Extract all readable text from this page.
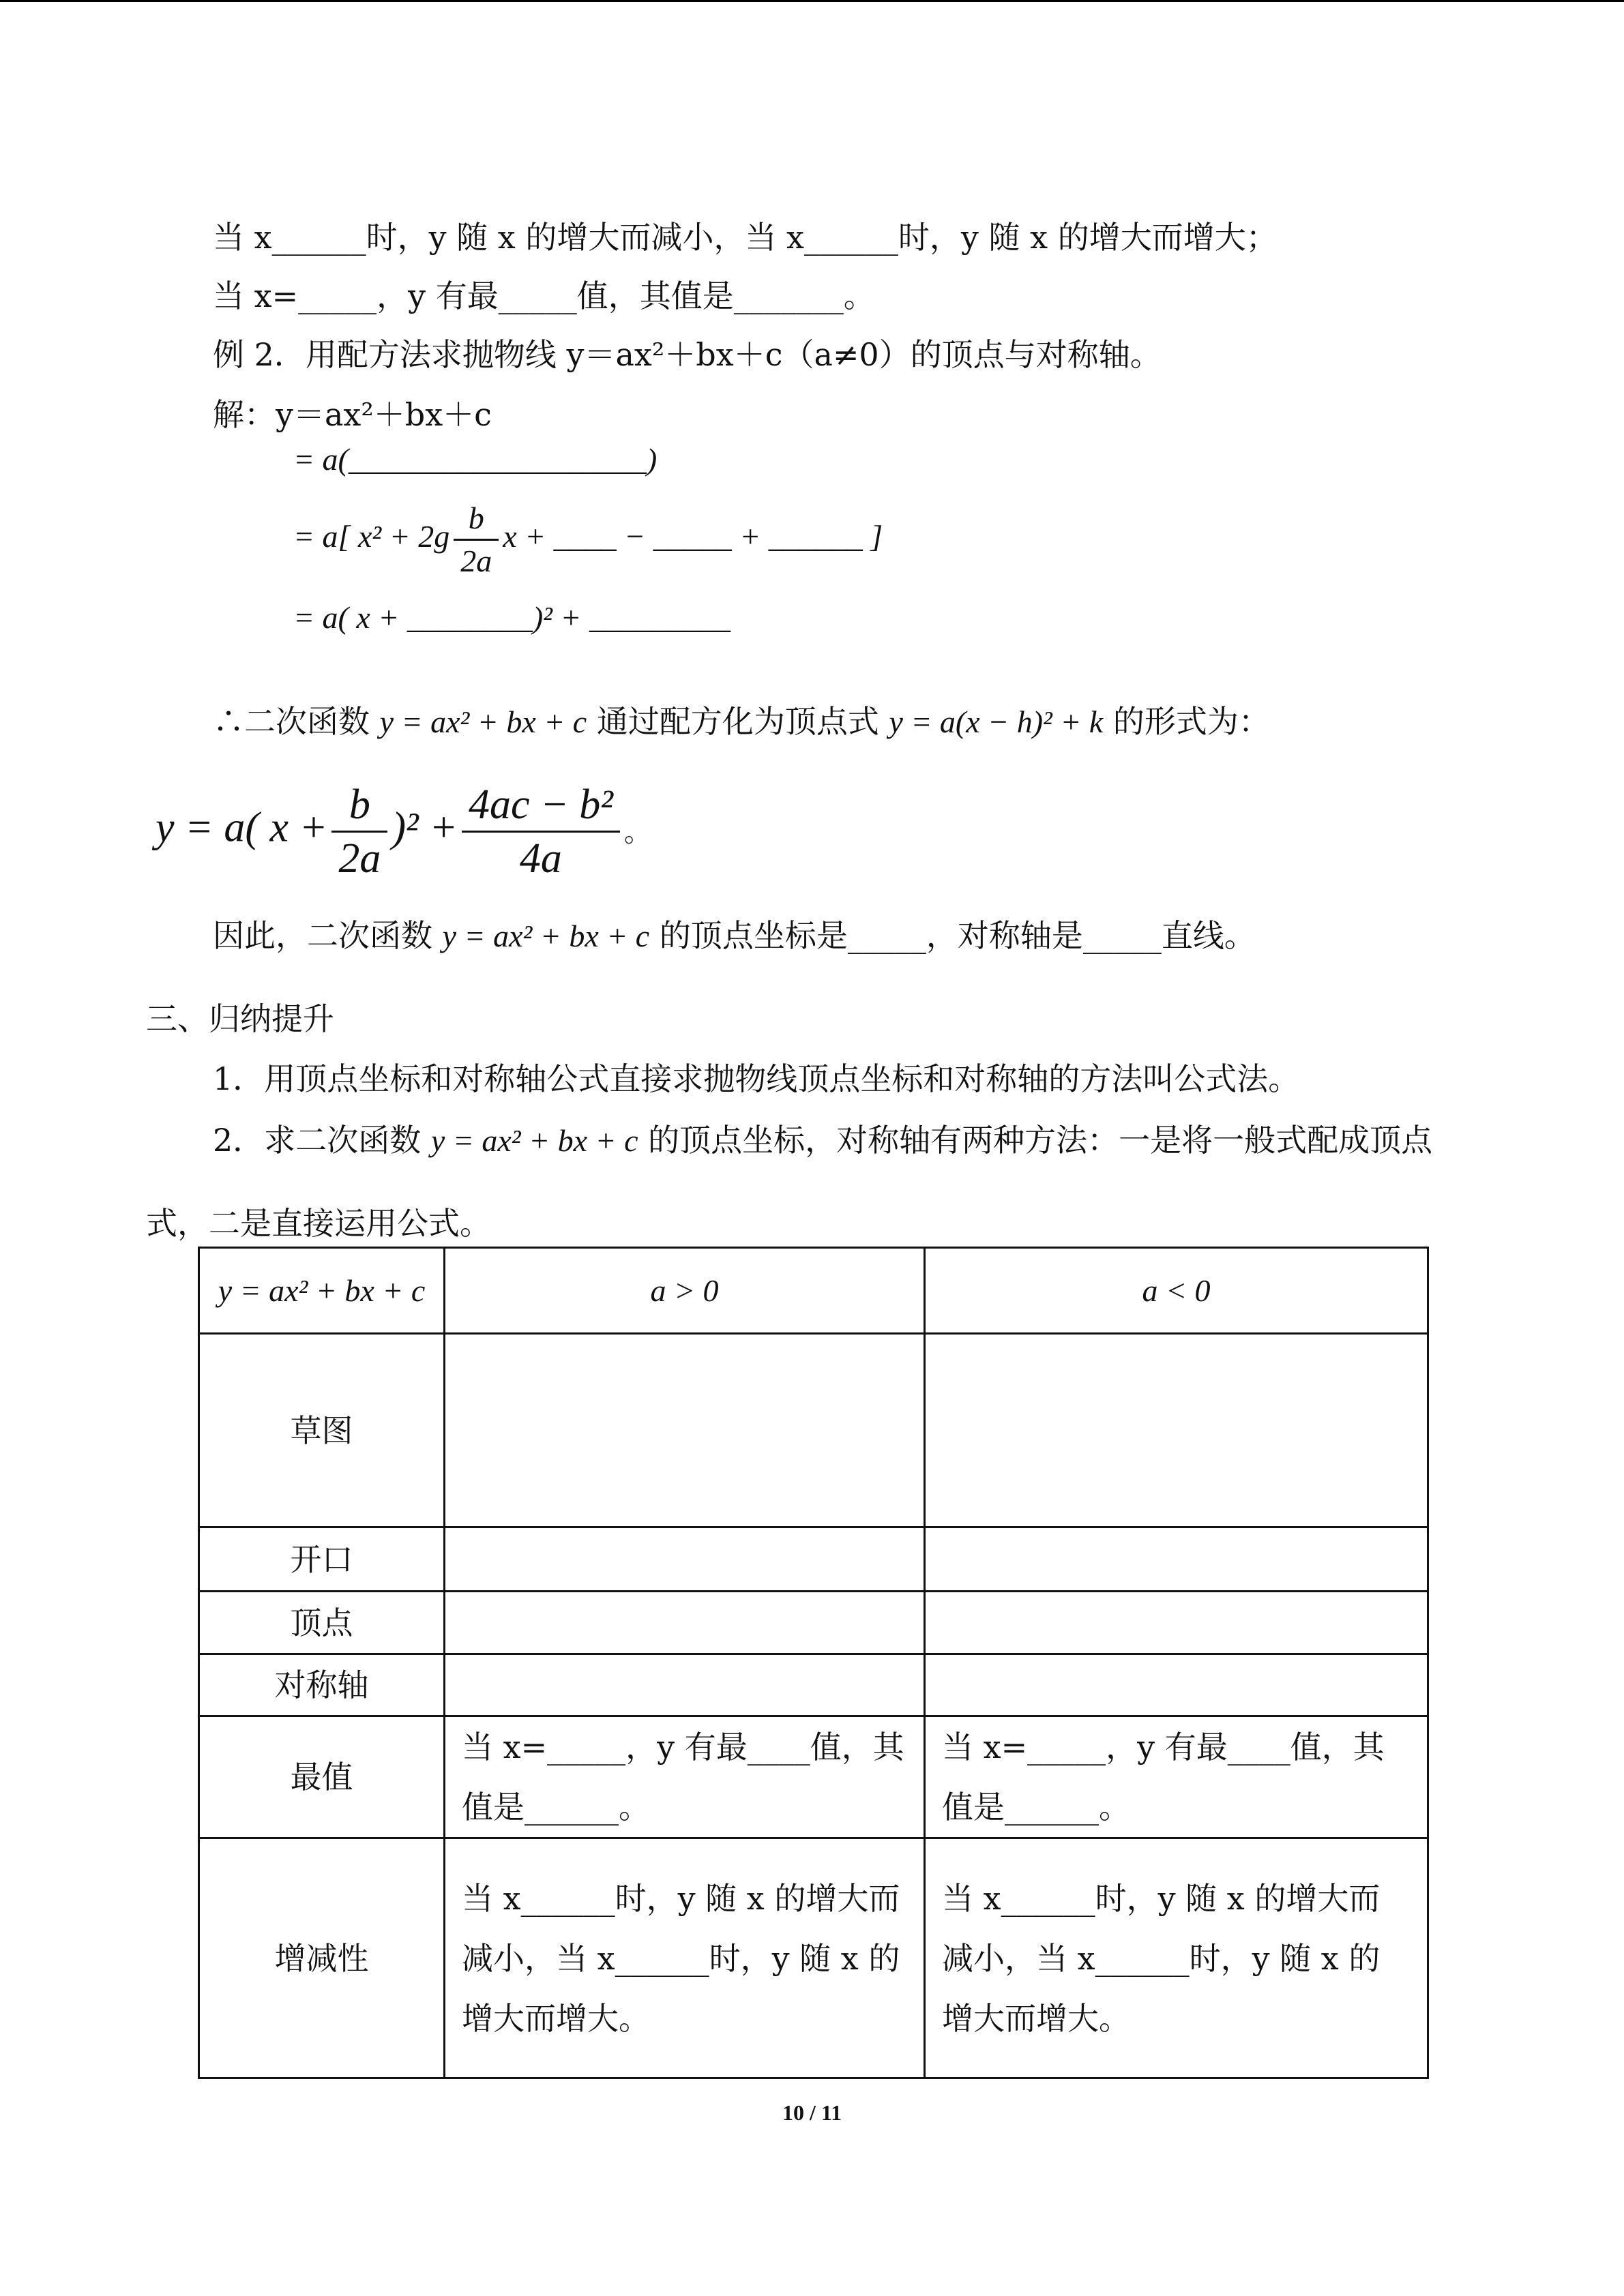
当 x______时，y 随 x 的增大而减小，当 x______时，y 随 x 的增大而增大；
当 x=_____，y 有最_____值，其值是_______。
例 2．用配方法求抛物线 y＝ax²＋bx＋c（a≠0）的顶点与对称轴。
解：y＝ax²＋bx＋c
= a(___________________)
= a[ $x^2 + 2g \frac{b}{2a}$ x + ____ − _____ + ______ ]
= a( x + ________)² + _________
∴二次函数 y = ax² + bx + c 通过配方化为顶点式 y = a(x − h)² + k 的形式为：
y = a( $x + \frac{b}{2a} )^2 + \frac{\text{4ac − b²}}{4a}$ 。
因此，二次函数 y = ax² + bx + c 的顶点坐标是_____，对称轴是_____直线。
三、归纳提升
1．用顶点坐标和对称轴公式直接求抛物线顶点坐标和对称轴的方法叫公式法。
2．求二次函数 y = ax² + bx + c 的顶点坐标，对称轴有两种方法：一是将一般式配成顶点
式，二是直接运用公式。
y = ax² + bx + c	a > 0	a < 0
草图		
开口		
顶点		
对称轴		
最值	当 x=_____，y 有最____值，其值是______。	当 x=_____，y 有最____值，其值是______。
增减性	当 x______时，y 随 x 的增大而减小，当 x______时，y 随 x 的增大而增大。	当 x______时，y 随 x 的增大而减小，当 x______时，y 随 x 的增大而增大。
10 / 11
